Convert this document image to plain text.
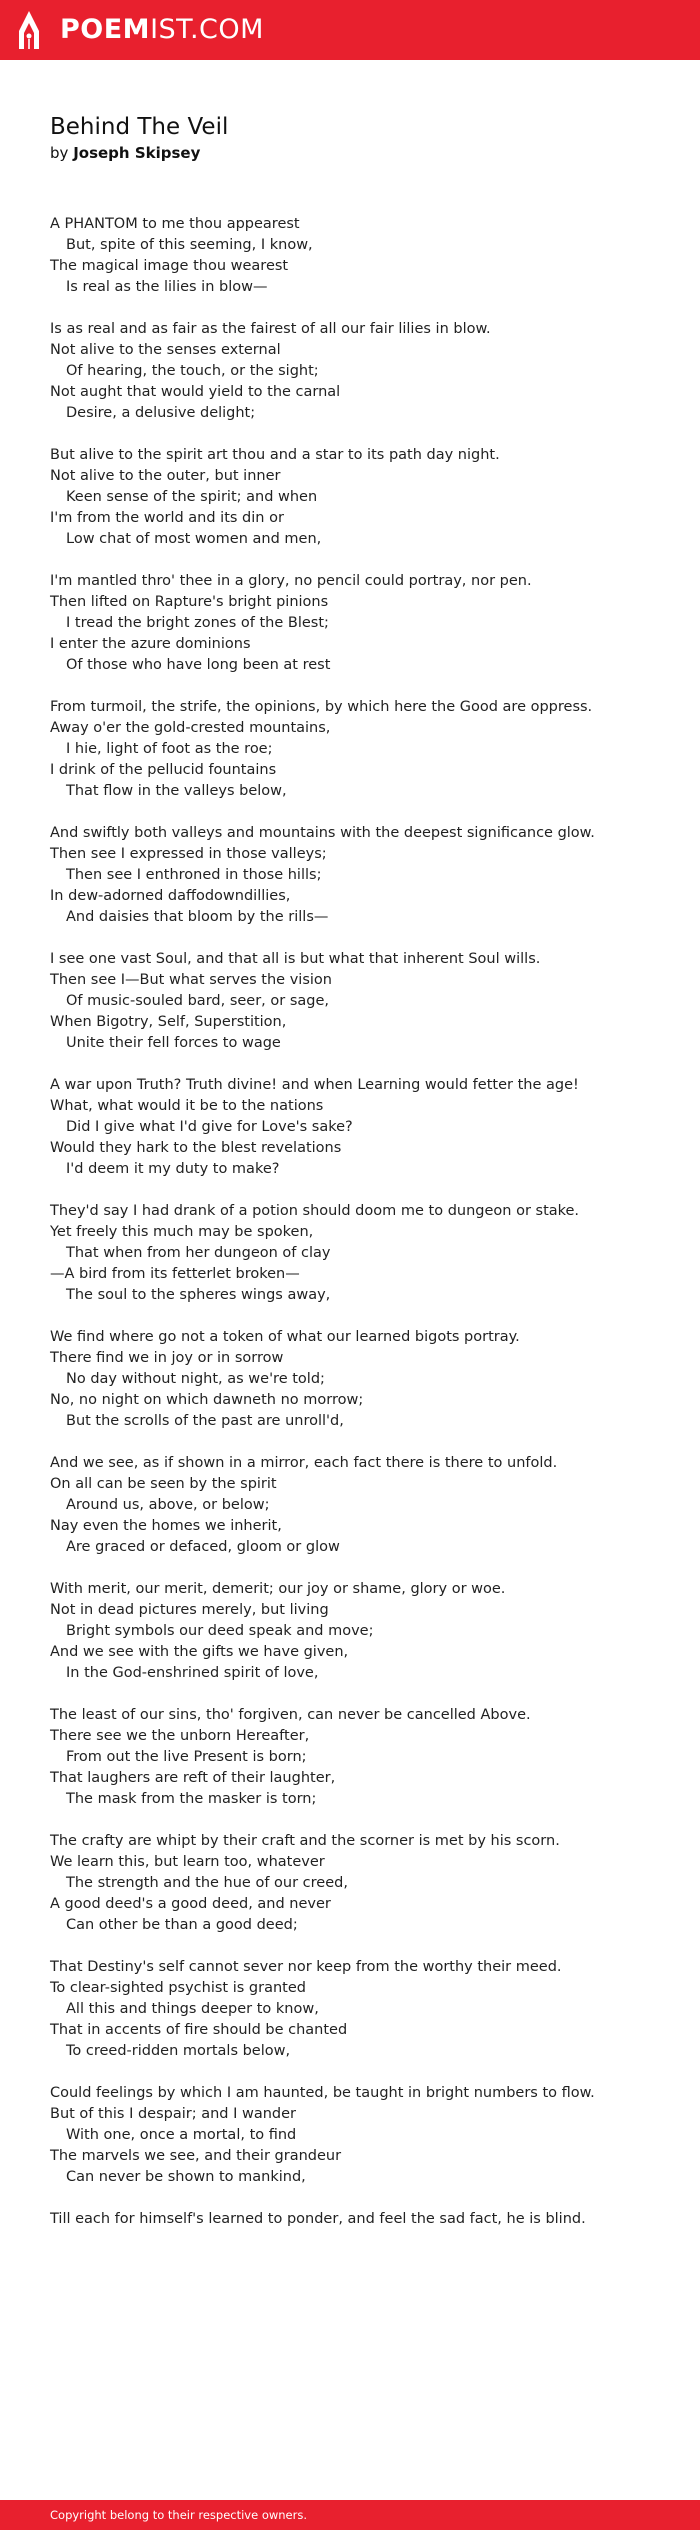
POEMIST.COM
Behind The Veil
by Joseph Skipsey
A PHANTOM to me thou appearest
But, spite of this seeming, I know,
The magical image thou wearest
Is real as the lilies in blow—
Is as real and as fair as the fairest of all our fair lilies in blow.
Not alive to the senses external
Of hearing, the touch, or the sight;
Not aught that would yield to the carnal
Desire, a delusive delight;
But alive to the spirit art thou and a star to its path day night.
Not alive to the outer, but inner
Keen sense of the spirit; and when
I'm from the world and its din or
Low chat of most women and men,
I'm mantled thro' thee in a glory, no pencil could portray, nor pen.
Then lifted on Rapture's bright pinions
I tread the bright zones of the Blest;
I enter the azure dominions
Of those who have long been at rest
From turmoil, the strife, the opinions, by which here the Good are oppress.
Away o'er the gold-crested mountains,
I hie, light of foot as the roe;
I drink of the pellucid fountains
That flow in the valleys below,
And swiftly both valleys and mountains with the deepest significance glow.
Then see I expressed in those valleys;
Then see I enthroned in those hills;
In dew-adorned daffodowndillies,
And daisies that bloom by the rills—
I see one vast Soul, and that all is but what that inherent Soul wills.
Then see I—But what serves the vision
Of music-souled bard, seer, or sage,
When Bigotry, Self, Superstition,
Unite their fell forces to wage
A war upon Truth? Truth divine! and when Learning would fetter the age!
What, what would it be to the nations
Did I give what I'd give for Love's sake?
Would they hark to the blest revelations
I'd deem it my duty to make?
They'd say I had drank of a potion should doom me to dungeon or stake.
Yet freely this much may be spoken,
That when from her dungeon of clay
—A bird from its fetterlet broken—
The soul to the spheres wings away,
We find where go not a token of what our learned bigots portray.
There find we in joy or in sorrow
No day without night, as we're told;
No, no night on which dawneth no morrow;
But the scrolls of the past are unroll'd,
And we see, as if shown in a mirror, each fact there is there to unfold.
On all can be seen by the spirit
Around us, above, or below;
Nay even the homes we inherit,
Are graced or defaced, gloom or glow
With merit, our merit, demerit; our joy or shame, glory or woe.
Not in dead pictures merely, but living
Bright symbols our deed speak and move;
And we see with the gifts we have given,
In the God-enshrined spirit of love,
The least of our sins, tho' forgiven, can never be cancelled Above.
There see we the unborn Hereafter,
From out the live Present is born;
That laughers are reft of their laughter,
The mask from the masker is torn;
The crafty are whipt by their craft and the scorner is met by his scorn.
We learn this, but learn too, whatever
The strength and the hue of our creed,
A good deed's a good deed, and never
Can other be than a good deed;
That Destiny's self cannot sever nor keep from the worthy their meed.
To clear-sighted psychist is granted
All this and things deeper to know,
That in accents of fire should be chanted
To creed-ridden mortals below,
Could feelings by which I am haunted, be taught in bright numbers to flow.
But of this I despair; and I wander
With one, once a mortal, to find
The marvels we see, and their grandeur
Can never be shown to mankind,
Till each for himself's learned to ponder, and feel the sad fact, he is blind.
Copyright belong to their respective owners.
